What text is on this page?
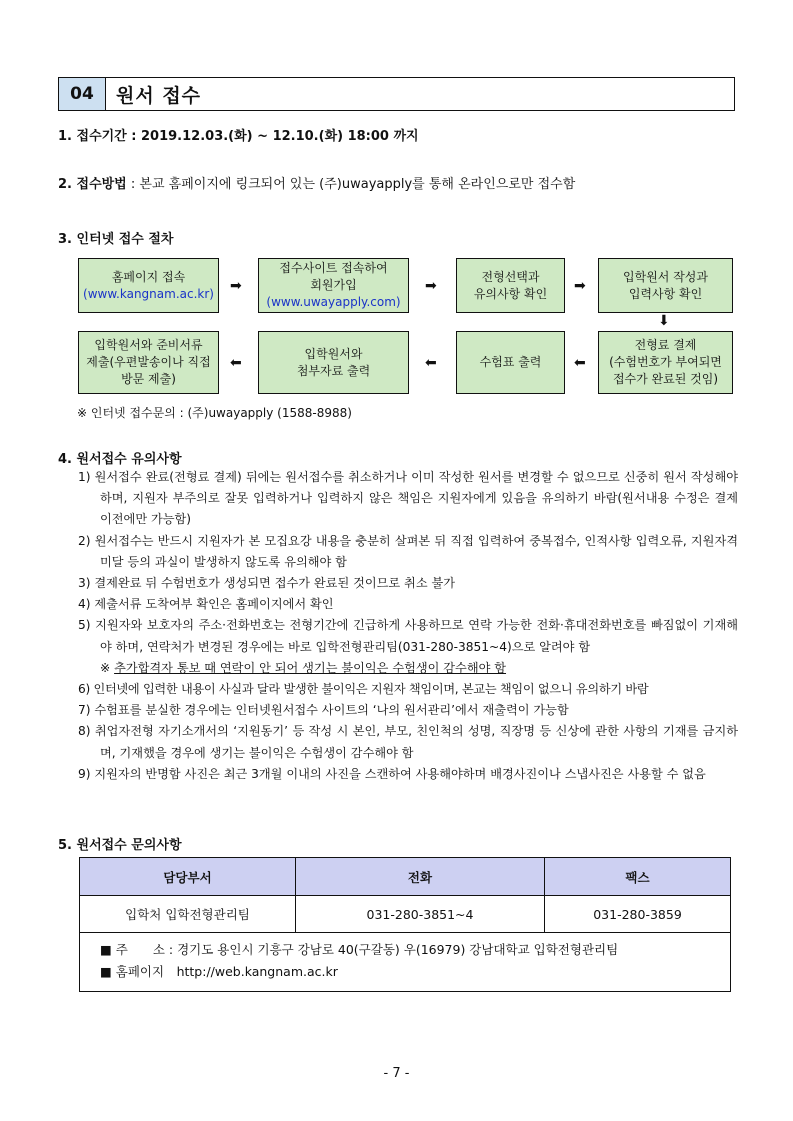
04	원서 접수
1. 접수기간 : 2019.12.03.(화) ~ 12.10.(화) 18:00 까지
2. 접수방법 : 본교 홈페이지에 링크되어 있는 (주)uwayapply를 통해 온라인으로만 접수함
3. 인터넷 접수 절차
홈페이지 접속
(www.kangnam.ac.kr) ➡
접수사이트 접속하여
회원가입
(www.uwayapply.com)
➡
전형선택과
유의사항 확인 ➡
입학원서 작성과
입력사항 확인
⬇
입학원서와 준비서류
제출(우편발송이나 직접
방문 제출)
⬅
입학원서와
첨부자료 출력	⬅	수험표 출력 ⬅
전형료 결제
(수험번호가 부여되면
접수가 완료된 것임)
※ 인터넷 접수문의 : (주)uwayapply (1588-8988)
4. 원서접수 유의사항
1) 원서접수 완료(전형료 결제) 뒤에는 원서접수를 취소하거나 이미 작성한 원서를 변경할 수 없으므로 신중히 원서 작성해야 하며, 지원자 부주의로 잘못 입력하거나 입력하지 않은 책임은 지원자에게 있음을 유의하기 바람(원서내용 수정은 결제 이전에만 가능함)
2) 원서접수는 반드시 지원자가 본 모집요강 내용을 충분히 살펴본 뒤 직접 입력하여 중복접수, 인적사항 입력오류, 지원자격 미달 등의 과실이 발생하지 않도록 유의해야 함
3) 결제완료 뒤 수험번호가 생성되면 접수가 완료된 것이므로 취소 불가
4) 제출서류 도착여부 확인은 홈페이지에서 확인
5) 지원자와 보호자의 주소·전화번호는 전형기간에 긴급하게 사용하므로 연락 가능한 전화·휴대전화번호를 빠짐없이 기재해야 하며, 연락처가 변경된 경우에는 바로 입학전형관리팀(031-280-3851~4)으로 알려야 함
※ 추가합격자 통보 때 연락이 안 되어 생기는 불이익은 수험생이 감수해야 함
6) 인터넷에 입력한 내용이 사실과 달라 발생한 불이익은 지원자 책임이며, 본교는 책임이 없으니 유의하기 바람
7) 수험표를 분실한 경우에는 인터넷원서접수 사이트의 ‘나의 원서관리’에서 재출력이 가능함
8) 취업자전형 자기소개서의 ‘지원동기’ 등 작성 시 본인, 부모, 친인척의 성명, 직장명 등 신상에 관한 사항의 기재를 금지하며, 기재했을 경우에 생기는 불이익은 수험생이 감수해야 함
9) 지원자의 반명함 사진은 최근 3개월 이내의 사진을 스캔하여 사용해야하며 배경사진이나 스냅사진은 사용할 수 없음
5. 원서접수 문의사항
담당부서	전화	팩스
입학처 입학전형관리팀	031-280-3851~4	031-280-3859

■ 주　　소 : 경기도 용인시 기흥구 강남로 40(구갈동) 우(16979) 강남대학교 입학전형관리팀
■ 홈페이지　http://web.kangnam.ac.kr		
- 7 -
